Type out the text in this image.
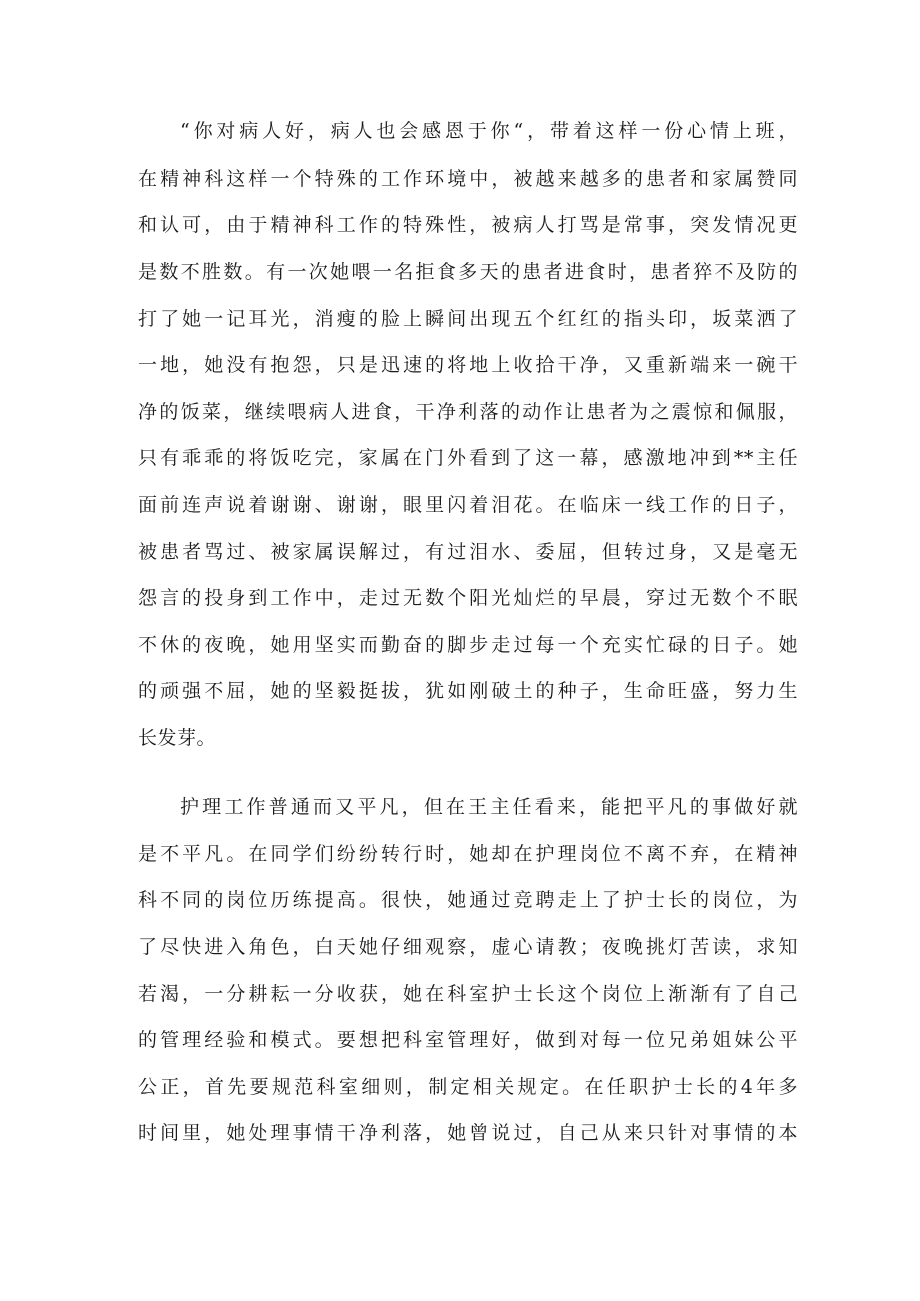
“你对病人好，病人也会感恩于你“，带着这样一份心情上班，
在精神科这样一个特殊的工作环境中，被越来越多的患者和家属赞同
和认可，由于精神科工作的特殊性，被病人打骂是常事，突发情况更
是数不胜数。有一次她喂一名拒食多天的患者进食时，患者猝不及防的
打了她一记耳光，消瘦的脸上瞬间出现五个红红的指头印，坂菜洒了
一地，她没有抱怨，只是迅速的将地上收拾干净，又重新端来一碗干
净的饭菜，继续喂病人进食，干净利落的动作让患者为之震惊和佩服，
只有乖乖的将饭吃完，家属在门外看到了这一幕，感激地冲到**主任
面前连声说着谢谢、谢谢，眼里闪着泪花。在临床一线工作的日子，
被患者骂过、被家属误解过，有过泪水、委屈，但转过身，又是毫无
怨言的投身到工作中，走过无数个阳光灿烂的早晨，穿过无数个不眠
不休的夜晚，她用坚实而勤奋的脚步走过每一个充实忙碌的日子。她
的顽强不屈，她的坚毅挺拔，犹如刚破土的种子，生命旺盛，努力生
长发芽。
护理工作普通而又平凡，但在王主任看来，能把平凡的事做好就
是不平凡。在同学们纷纷转行时，她却在护理岗位不离不弃，在精神
科不同的岗位历练提高。很快，她通过竞聘走上了护士长的岗位，为
了尽快进入角色，白天她仔细观察，虚心请教；夜晚挑灯苦读，求知
若渴，一分耕耘一分收获，她在科室护士长这个岗位上渐渐有了自己
的管理经验和模式。要想把科室管理好，做到对每一位兄弟姐妹公平
公正，首先要规范科室细则，制定相关规定。在任职护士长的4年多
时间里，她处理事情干净利落，她曾说过，自己从来只针对事情的本
